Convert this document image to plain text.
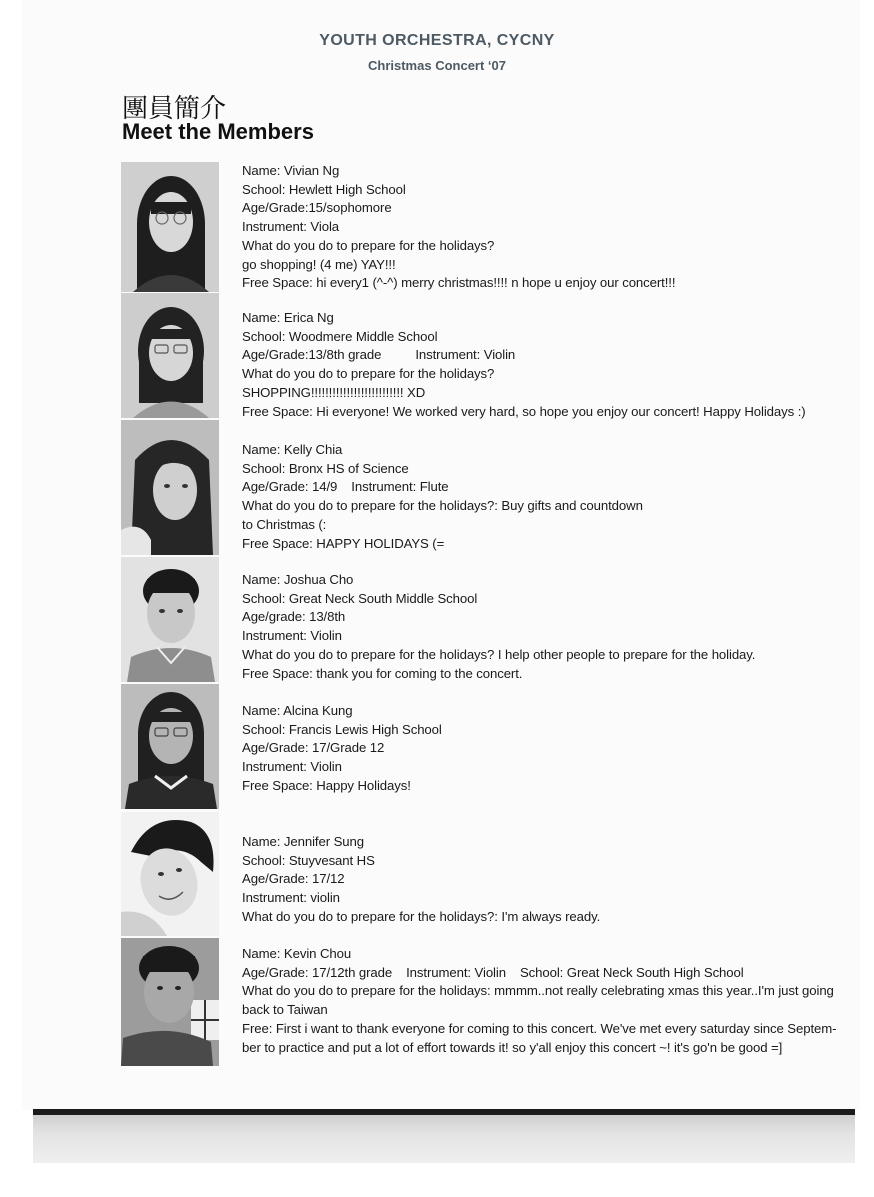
YOUTH ORCHESTRA, CYCNY
Christmas Concert ‘07
團員簡介
Meet the Members
Name: Vivian Ng
School: Hewlett High School
Age/Grade:15/sophomore
Instrument: Viola
What do you do to prepare for the holidays?
go shopping! (4 me) YAY!!!
Free Space: hi every1 (^-^) merry christmas!!!! n hope u enjoy our concert!!!
Name: Erica Ng
School: Woodmere Middle School
Age/Grade:13/8th grade	Instrument: Violin
What do you do to prepare for the holidays?
SHOPPING!!!!!!!!!!!!!!!!!!!!!!!!!! XD
Free Space: Hi everyone! We worked very hard, so hope you enjoy our concert! Happy Holidays :)
Name: Kelly Chia
School: Bronx HS of Science
Age/Grade: 14/9 Instrument: Flute
What do you do to prepare for the holidays?: Buy gifts and countdown
to Christmas (:
Free Space: HAPPY HOLIDAYS (=
Name: Joshua Cho
School: Great Neck South Middle School
Age/grade: 13/8th
Instrument: Violin
What do you do to prepare for the holidays? I help other people to prepare for the holiday.
Free Space: thank you for coming to the concert.
Name: Alcina Kung
School: Francis Lewis High School
Age/Grade: 17/Grade 12
Instrument: Violin
Free Space: Happy Holidays!
Name: Jennifer Sung
School: Stuyvesant HS
Age/Grade: 17/12
Instrument: violin
What do you do to prepare for the holidays?: I'm always ready.
Name: Kevin Chou
Age/Grade: 17/12th grade Instrument: Violin School: Great Neck South High School
What do you do to prepare for the holidays: mmmm..not really celebrating xmas this year..I'm just going
back to Taiwan
Free: First i want to thank everyone for coming to this concert. We've met every saturday since Septem-
ber to practice and put a lot of effort towards it! so y'all enjoy this concert ~! it's go'n be good =]
